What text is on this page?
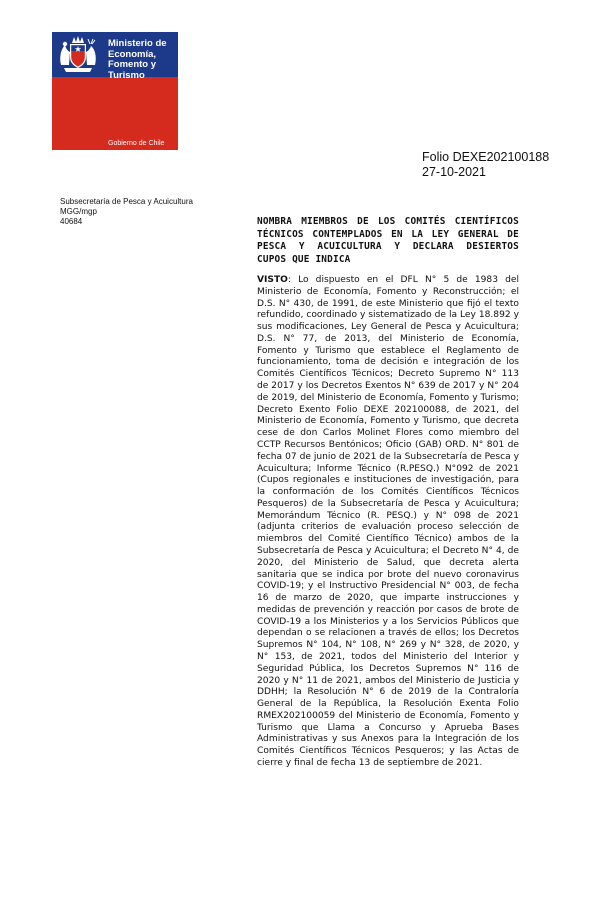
Ministerio de
Economía,
Fomento y
Turismo
Gobierno de Chile
Folio DEXE202100188
27-10-2021
Subsecretaría de Pesca y Acuicultura
MGG/mgp
40684	NOMBRA MIEMBROS DE LOS COMITÉS CIENTÍFICOS TÉCNICOS CONTEMPLADOS EN LA LEY GENERAL DE PESCA Y ACUICULTURA Y DECLARA DESIERTOS CUPOS QUE INDICA
VISTO: Lo dispuesto en el DFL N° 5 de 1983 del Ministerio de Economía, Fomento y Reconstrucción; el D.S. N° 430, de 1991, de este Ministerio que fijó el texto refundido, coordinado y sistematizado de la Ley 18.892 y sus modificaciones, Ley General de Pesca y Acuicultura; D.S. N° 77, de 2013, del Ministerio de Economía, Fomento y Turismo que establece el Reglamento de funcionamiento, toma de decisión e integración de los Comités Científicos Técnicos; Decreto Supremo N° 113 de 2017 y los Decretos Exentos N° 639 de 2017 y N° 204 de 2019, del Ministerio de Economía, Fomento y Turismo; Decreto Exento Folio DEXE 202100088, de 2021, del Ministerio de Economía, Fomento y Turismo, que decreta cese de don Carlos Molinet Flores como miembro del CCTP Recursos Bentónicos; Oficio (GAB) ORD. N° 801 de fecha 07 de junio de 2021 de la Subsecretaría de Pesca y Acuicultura; Informe Técnico (R.PESQ.) N°092 de 2021 (Cupos regionales e instituciones de investigación, para la conformación de los Comités Científicos Técnicos Pesqueros) de la Subsecretaría de Pesca y Acuicultura; Memorándum Técnico (R. PESQ.) y N° 098 de 2021 (adjunta criterios de evaluación proceso selección de miembros del Comité Científico Técnico) ambos de la Subsecretaría de Pesca y Acuicultura; el Decreto N° 4, de 2020, del Ministerio de Salud, que decreta alerta sanitaria que se indica por brote del nuevo coronavirus COVID-19; y el Instructivo Presidencial N° 003, de fecha 16 de marzo de 2020, que imparte instrucciones y medidas de prevención y reacción por casos de brote de COVID-19 a los Ministerios y a los Servicios Públicos que dependan o se relacionen a través de ellos; los Decretos Supremos N° 104, N° 108, N° 269 y N° 328, de 2020, y N° 153, de 2021, todos del Ministerio del Interior y Seguridad Pública, los Decretos Supremos N° 116 de 2020 y N° 11 de 2021, ambos del Ministerio de Justicia y DDHH; la Resolución N° 6 de 2019 de la Contraloría General de la República, la Resolución Exenta Folio RMEX202100059 del Ministerio de Economía, Fomento y Turismo que Llama a Concurso y Aprueba Bases Administrativas y sus Anexos para la Integración de los Comités Científicos Técnicos Pesqueros; y las Actas de cierre y final de fecha 13 de septiembre de 2021.
